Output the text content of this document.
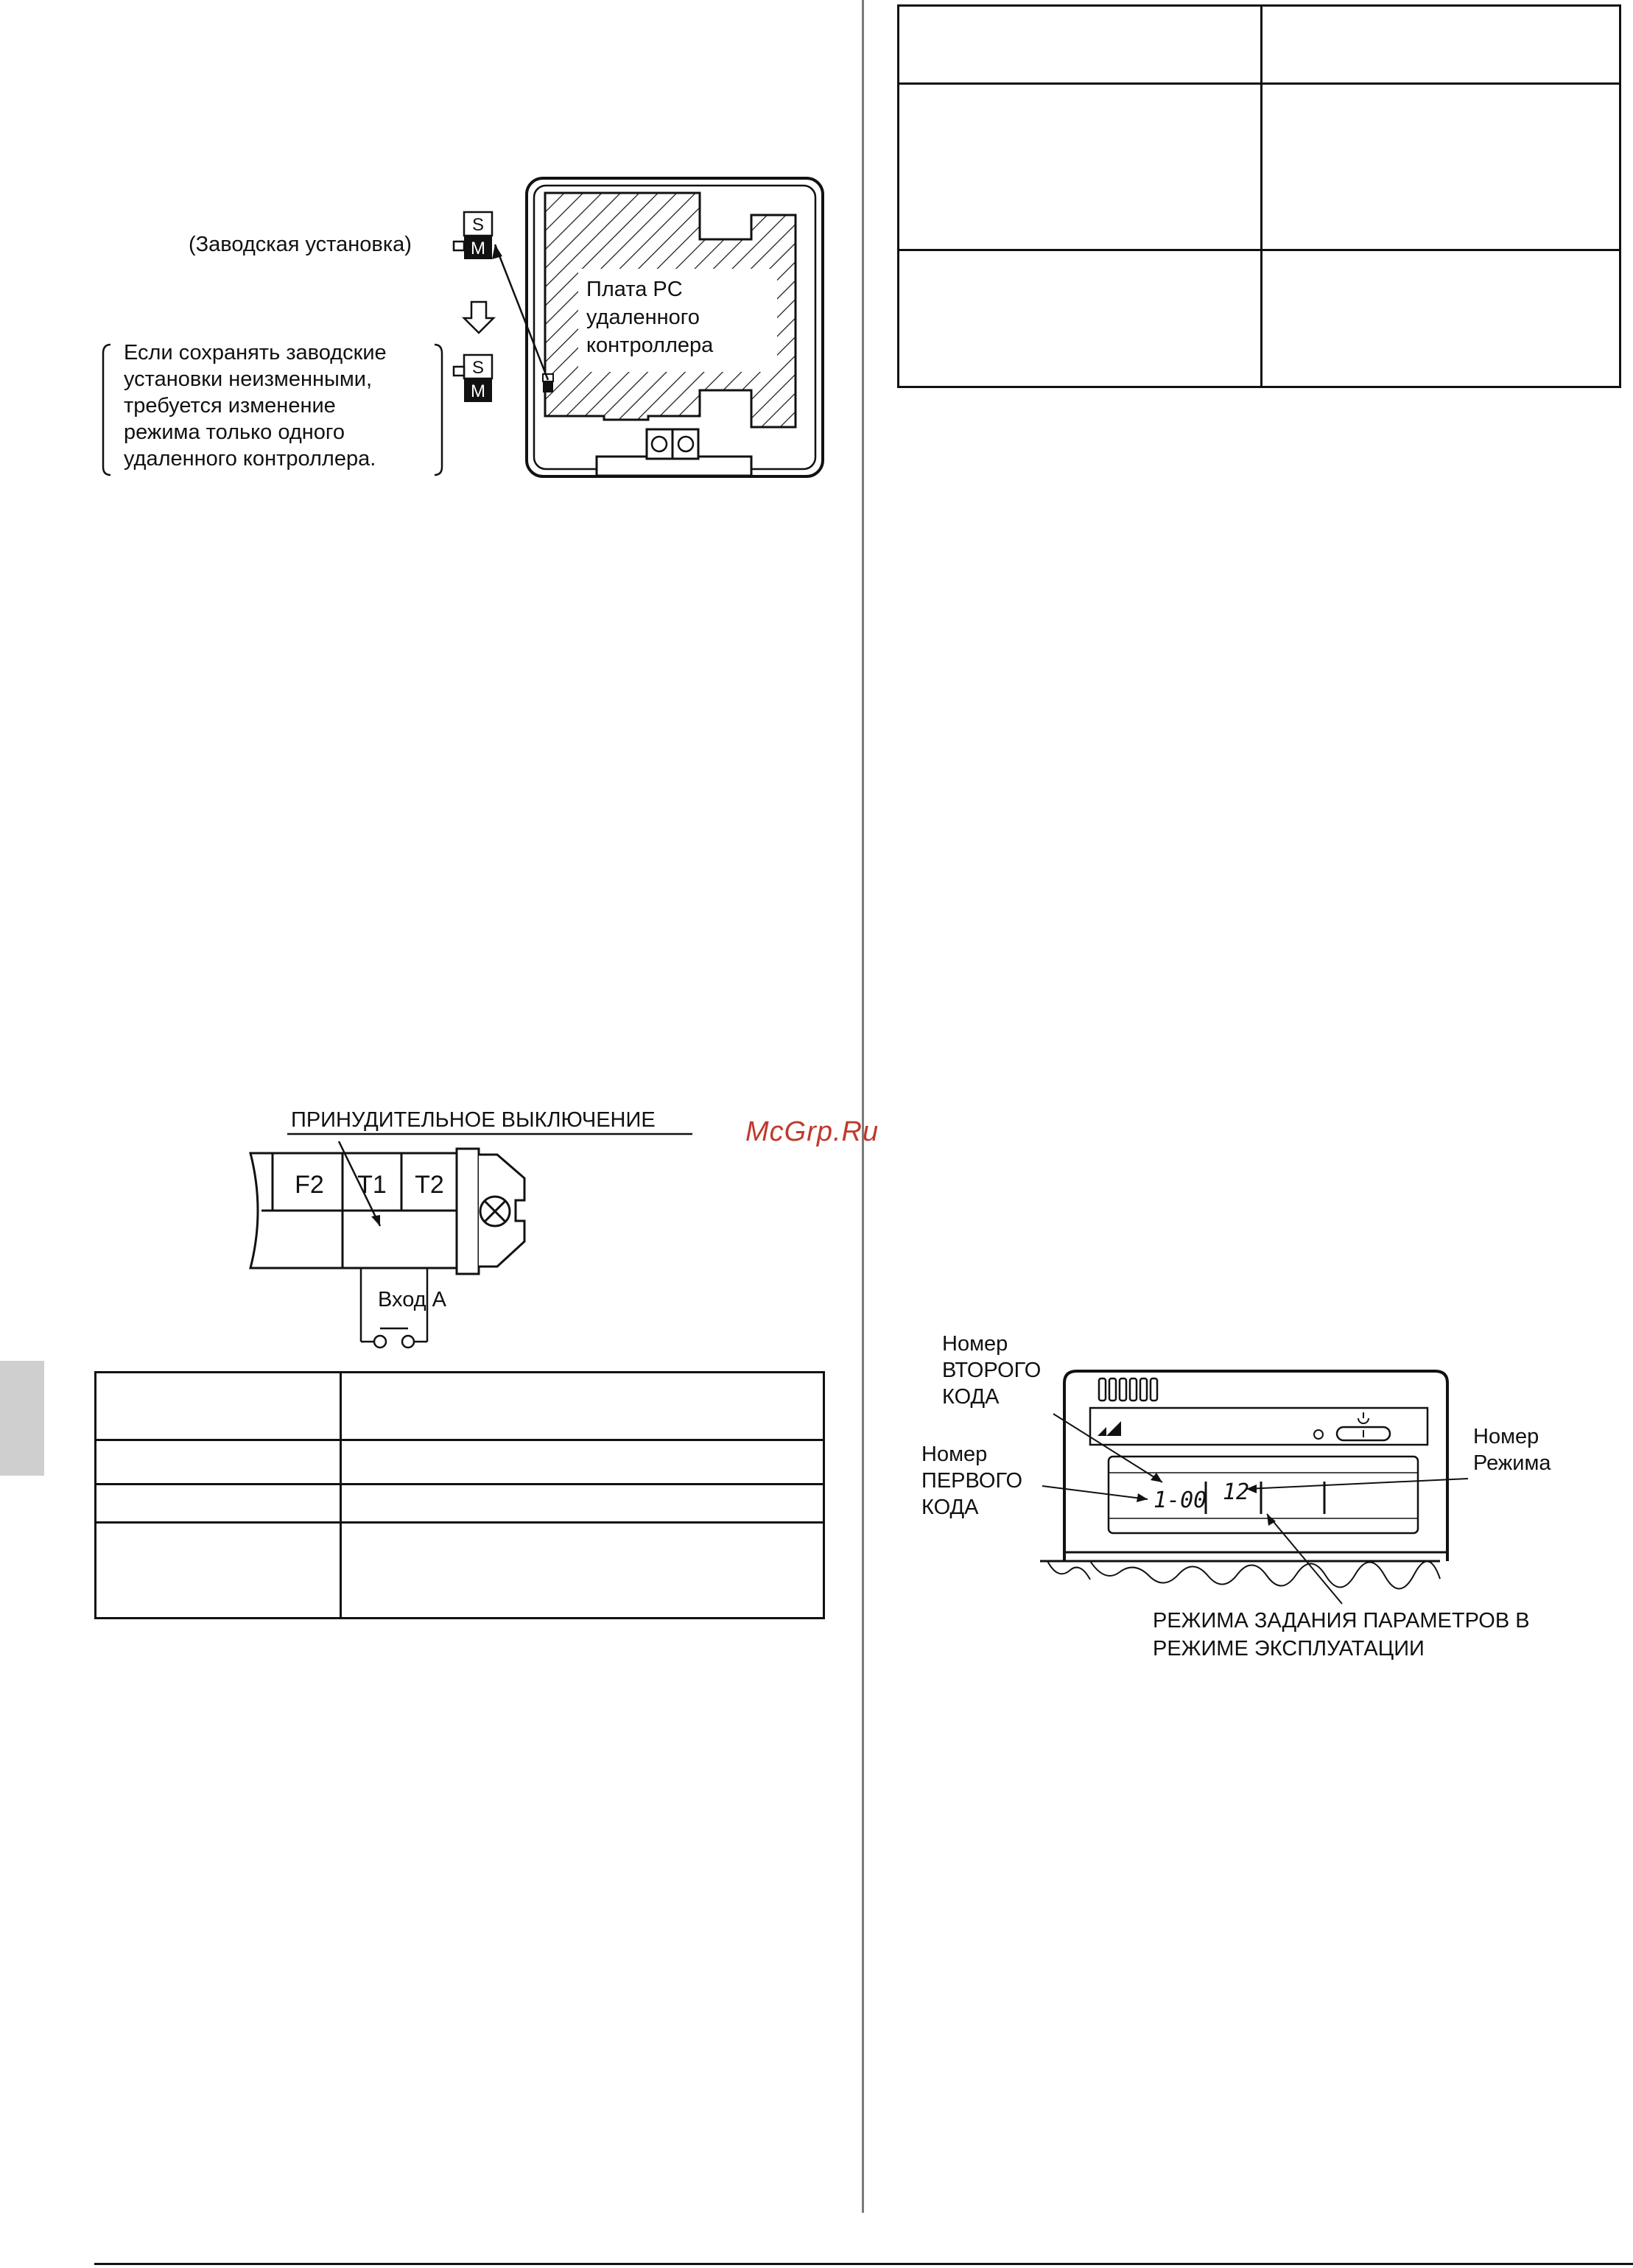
McGrp.Ru
S
M
S
M
(Заводская установка)
Если сохранять заводские
установки неизменными,
требуется изменение
режима только одного
удаленного контроллера.
Плата PC
удаленного
контроллера
F2 T1 T2
ПРИНУДИТЕЛЬНОЕ ВЫКЛЮЧЕНИЕ
Вход А

1-00 12
Номер
ВТОРОГО
КОДА
Номер
ПЕРВОГО
КОДА
Номер
Режима
РЕЖИМА ЗАДАНИЯ ПАРАМЕТРОВ В
РЕЖИМЕ ЭКСПЛУАТАЦИИ
